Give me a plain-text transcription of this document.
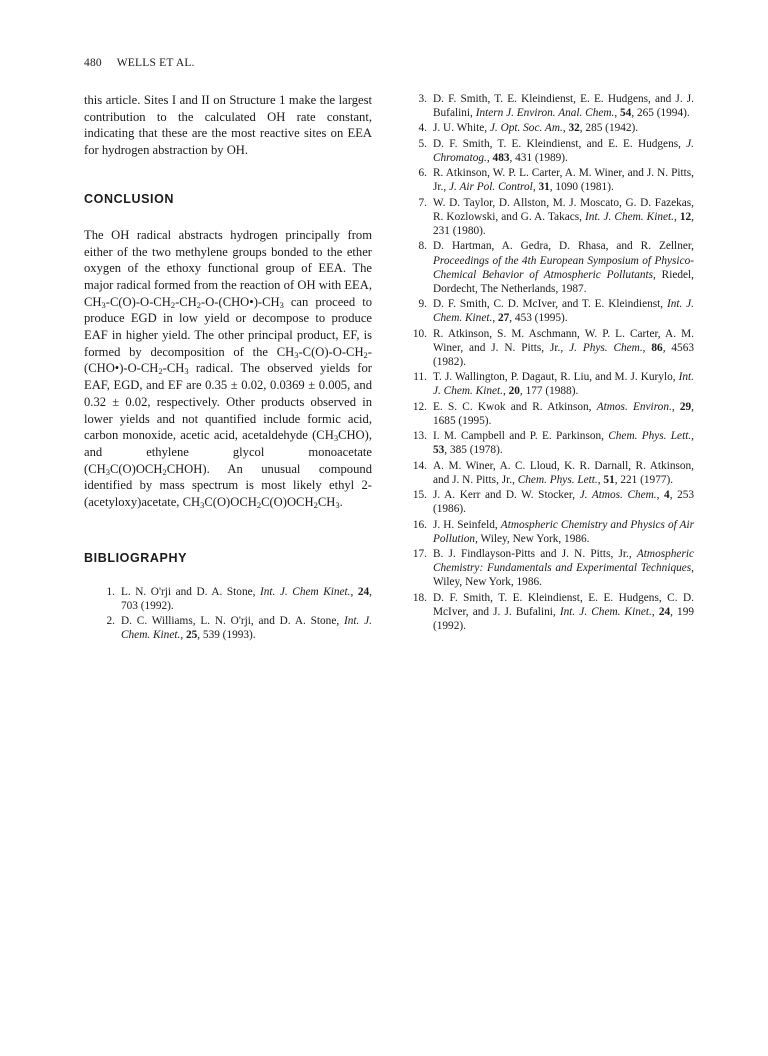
480 WELLS ET AL.

this article. Sites I and II on Structure 1 make the largest contribution to the calculated OH rate constant, indicating that these are the most reactive sites on EEA for hydrogen abstraction by OH.

CONCLUSION

The OH radical abstracts hydrogen principally from either of the two methylene groups bonded to the ether oxygen of the ethoxy functional group of EEA. The major radical formed from the reaction of OH with EEA, $CH_3-C(O)-O-CH_2-CH_2-O-(CHO•)-CH_3$ can proceed to produce EGD in low yield or decompose to produce EAF in higher yield. The other principal product, EF, is formed by decomposition of the $CH_3-C(O)-O-CH_2-(CHO•)-O-CH_2-CH_3$ radical. The observed yields for EAF, EGD, and EF are 0.35 ± 0.02, 0.0369 ± 0.005, and 0.32 ± 0.02, respectively. Other products observed in lower yields and not quantified include formic acid, carbon monoxide, acetic acid, acetaldehyde $(CH_3CHO)$, and ethylene glycol monoacetate $(CH_3C(O)OCH_2CHOH)$. An unusual compound identified by mass spectrum is most likely ethyl 2-(acetyloxy)acetate, $CH_3C(O)OCH_2C(O)OCH_2CH_3$.

BIBLIOGRAPHY
1. L. N. O'rji and D. A. Stone, Int. J. Chem Kinet., 24, 703 (1992).
2. D. C. Williams, L. N. O'rji, and D. A. Stone, Int. J. Chem. Kinet., 25, 539 (1993).
3. D. F. Smith, T. E. Kleindienst, E. E. Hudgens, and J. J. Bufalini, Intern J. Environ. Anal. Chem., 54, 265 (1994).
4. J. U. White, J. Opt. Soc. Am., 32, 285 (1942).
5. D. F. Smith, T. E. Kleindienst, and E. E. Hudgens, J. Chromatog., 483, 431 (1989).
6. R. Atkinson, W. P. L. Carter, A. M. Winer, and J. N. Pitts, Jr., J. Air Pol. Control, 31, 1090 (1981).
7. W. D. Taylor, D. Allston, M. J. Moscato, G. D. Fazekas, R. Kozlowski, and G. A. Takacs, Int. J. Chem. Kinet., 12, 231 (1980).
8. D. Hartman, A. Gedra, D. Rhasa, and R. Zellner, Proceedings of the 4th European Symposium of Physico-Chemical Behavior of Atmospheric Pollutants, Riedel, Dordecht, The Netherlands, 1987.
9. D. F. Smith, C. D. McIver, and T. E. Kleindienst, Int. J. Chem. Kinet., 27, 453 (1995).
10. R. Atkinson, S. M. Aschmann, W. P. L. Carter, A. M. Winer, and J. N. Pitts, Jr., J. Phys. Chem., 86, 4563 (1982).
11. T. J. Wallington, P. Dagaut, R. Liu, and M. J. Kurylo, Int. J. Chem. Kinet., 20, 177 (1988).
12. E. S. C. Kwok and R. Atkinson, Atmos. Environ., 29, 1685 (1995).
13. I. M. Campbell and P. E. Parkinson, Chem. Phys. Lett., 53, 385 (1978).
14. A. M. Winer, A. C. Lloud, K. R. Darnall, R. Atkinson, and J. N. Pitts, Jr., Chem. Phys. Lett., 51, 221 (1977).
15. J. A. Kerr and D. W. Stocker, J. Atmos. Chem., 4, 253 (1986).
16. J. H. Seinfeld, Atmospheric Chemistry and Physics of Air Pollution, Wiley, New York, 1986.
17. B. J. Findlayson-Pitts and J. N. Pitts, Jr., Atmospheric Chemistry: Fundamentals and Experimental Techniques, Wiley, New York, 1986.
18. D. F. Smith, T. E. Kleindienst, E. E. Hudgens, C. D. McIver, and J. J. Bufalini, Int. J. Chem. Kinet., 24, 199 (1992).
